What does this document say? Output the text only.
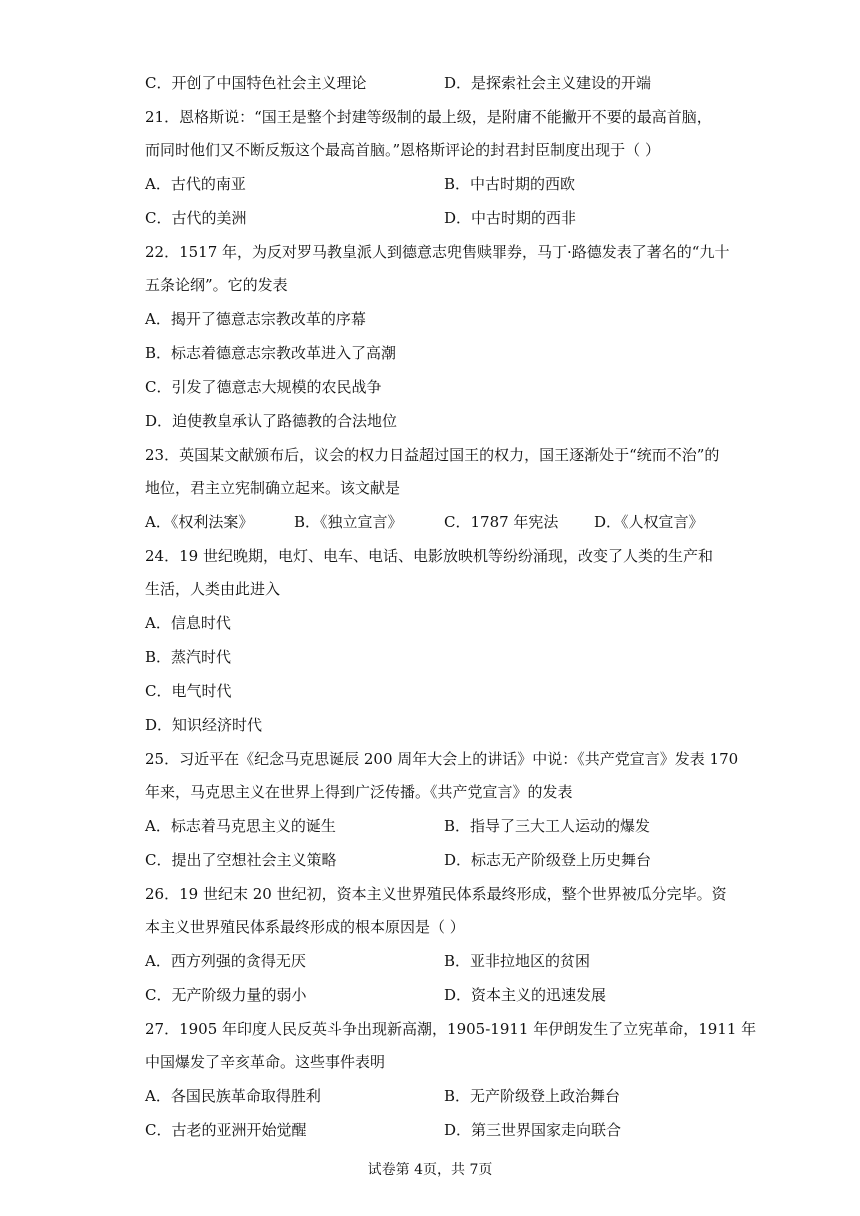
C．开创了中国特色社会主义理论	D．是探索社会主义建设的开端
21．恩格斯说：“国王是整个封建等级制的最上级，是附庸不能撇开不要的最高首脑，
而同时他们又不断反叛这个最高首脑。”恩格斯评论的封君封臣制度出现于（ ）
A．古代的南亚	B．中古时期的西欧
C．古代的美洲	D．中古时期的西非
22．1517 年，为反对罗马教皇派人到德意志兜售赎罪券，马丁·路德发表了著名的“九十
五条论纲”。它的发表
A．揭开了德意志宗教改革的序幕
B．标志着德意志宗教改革进入了高潮
C．引发了德意志大规模的农民战争
D．迫使教皇承认了路德教的合法地位
23．英国某文献颁布后，议会的权力日益超过国王的权力，国王逐渐处于“统而不治”的
地位，君主立宪制确立起来。该文献是
A．《权利法案》	B．《独立宣言》	C．1787 年宪法 D．《人权宣言》
24．19 世纪晚期，电灯、电车、电话、电影放映机等纷纷涌现，改变了人类的生产和
生活，人类由此进入
A．信息时代
B．蒸汽时代
C．电气时代
D．知识经济时代
25．习近平在《纪念马克思诞辰 200 周年大会上的讲话》中说：《共产党宣言》发表 170
年来，马克思主义在世界上得到广泛传播。《共产党宣言》的发表
A．标志着马克思主义的诞生	B．指导了三大工人运动的爆发
C．提出了空想社会主义策略	D．标志无产阶级登上历史舞台
26．19 世纪末 20 世纪初，资本主义世界殖民体系最终形成，整个世界被瓜分完毕。资
本主义世界殖民体系最终形成的根本原因是（ ）
A．西方列强的贪得无厌	B．亚非拉地区的贫困
C．无产阶级力量的弱小	D．资本主义的迅速发展
27．1905 年印度人民反英斗争出现新高潮，1905-1911 年伊朗发生了立宪革命，1911 年
中国爆发了辛亥革命。这些事件表明
A．各国民族革命取得胜利	B．无产阶级登上政治舞台
C．古老的亚洲开始觉醒	D．第三世界国家走向联合
试卷第 4页，共 7页
